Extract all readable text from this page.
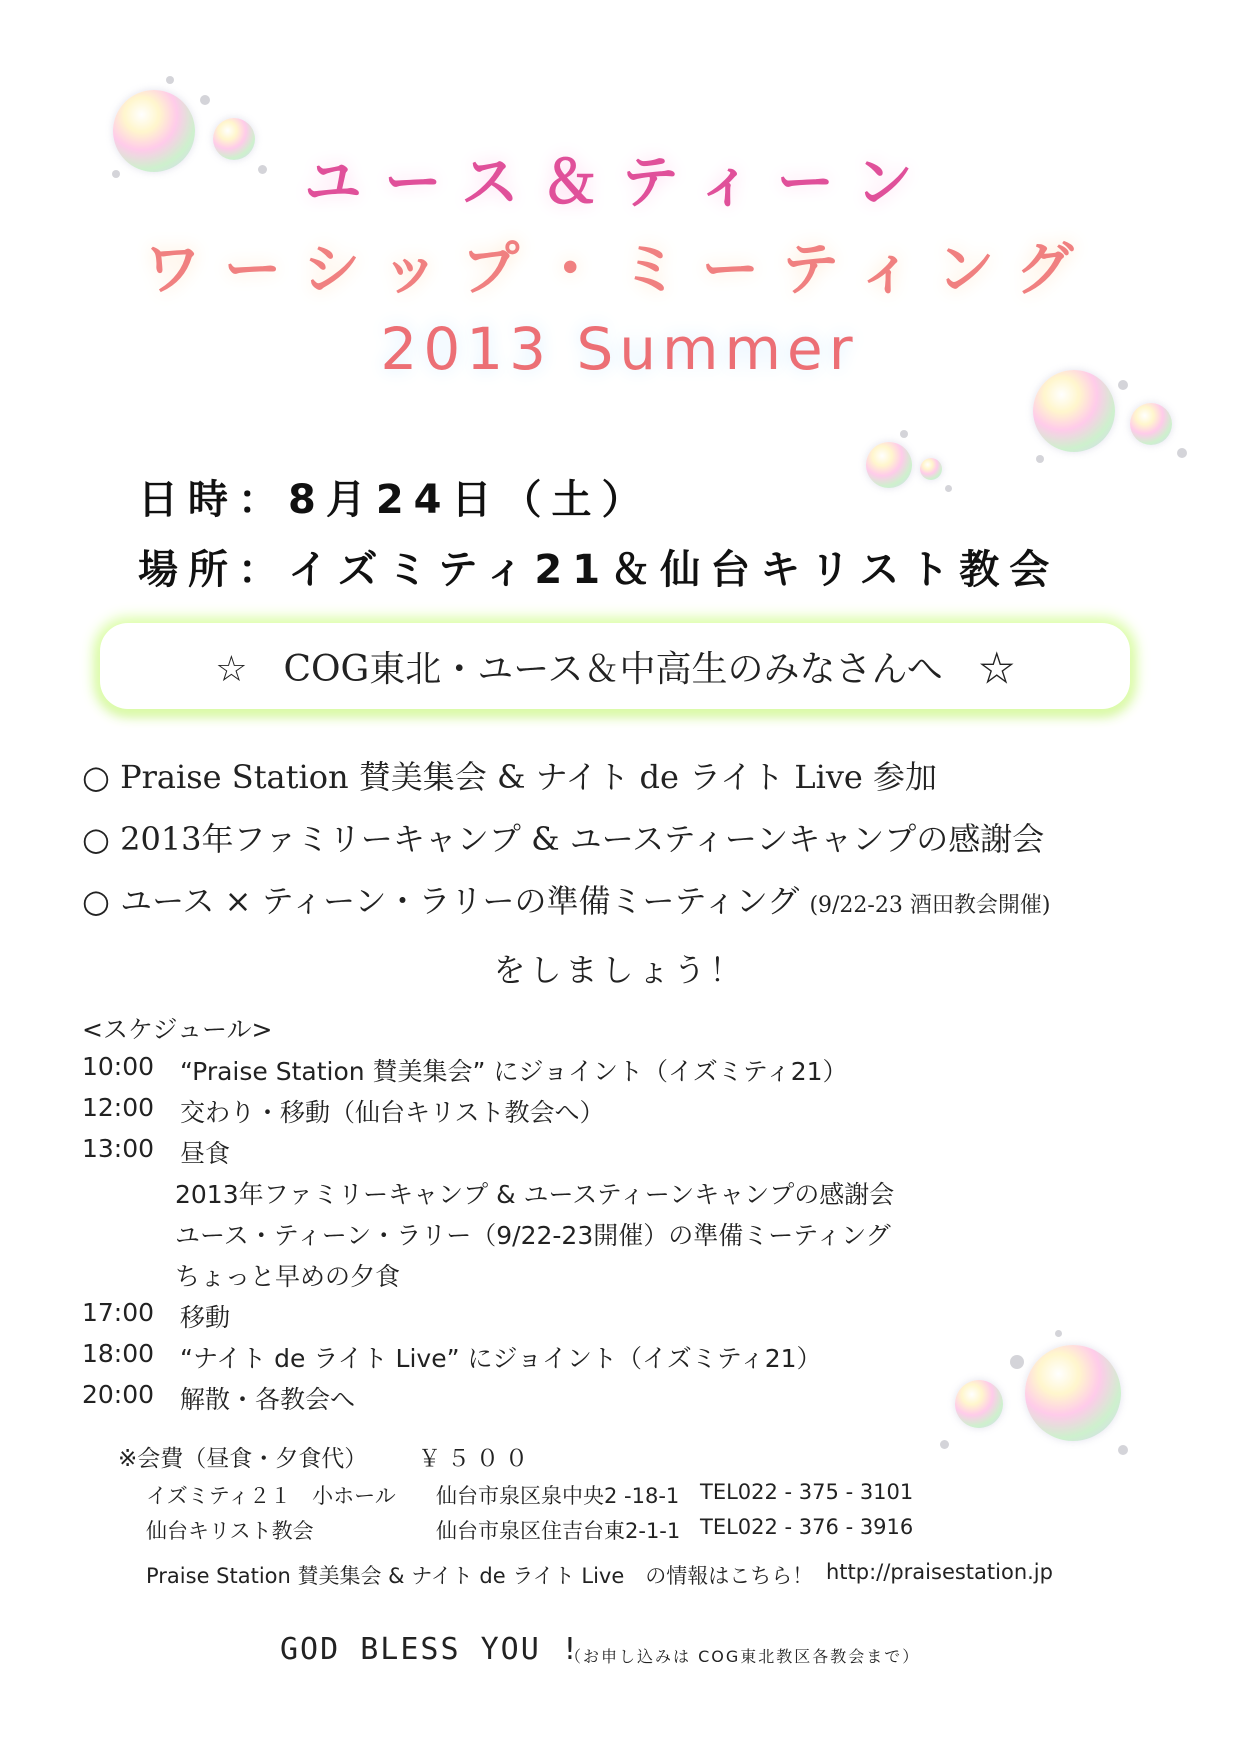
ユース＆ティーン
ワーシップ・ミーティング
2013 Summer
日時：8月24日（土）
場所：イズミティ21＆仙台キリスト教会
☆　COG東北・ユース＆中高生のみなさんへ　☆
○ Praise Station 賛美集会 & ナイト de ライト Live 参加
○ 2013年ファミリーキャンプ & ユースティーンキャンプの感謝会
○ ユース × ティーン・ラリーの準備ミーティング (9/22-23 酒田教会開催)
をしましょう！
<スケジュール>
10:00 “Praise Station 賛美集会” にジョイント（イズミティ21）
12:00 交わり・移動（仙台キリスト教会へ）
13:00 昼食
2013年ファミリーキャンプ & ユースティーンキャンプの感謝会
ユース・ティーン・ラリー（9/22-23開催）の準備ミーティング
ちょっと早めの夕食
17:00 移動
18:00 “ナイト de ライト Live” にジョイント（イズミティ21）
20:00 解散・各教会へ
※会費（昼食・夕食代） ￥５００
イズミティ２１　小ホール 仙台市泉区泉中央2 -18-1 TEL022 - 375 - 3101
仙台キリスト教会	仙台市泉区住吉台東2-1-1 TEL022 - 376 - 3916
Praise Station 賛美集会 & ナイト de ライト Live　の情報はこちら！ http://praisestation.jp
GOD BLESS YOU !
（お申し込みは COG東北教区各教会まで）
